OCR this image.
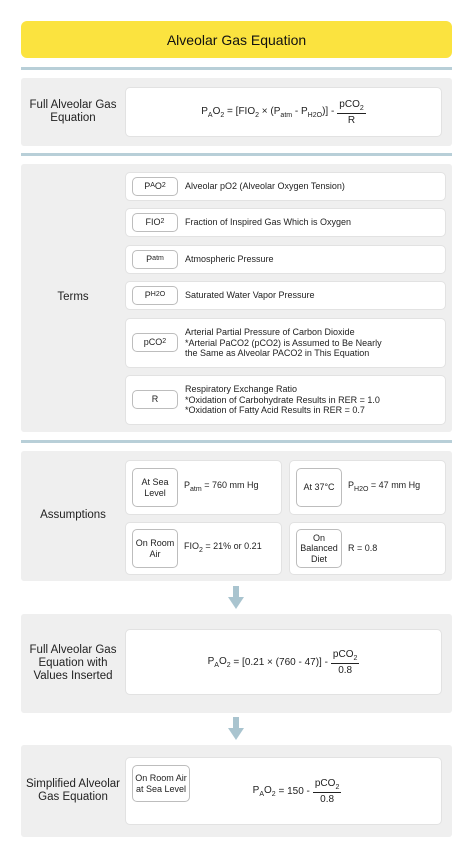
Alveolar Gas Equation
Full Alveolar Gas Equation
$P_AO_2 = [FIO_2 \times (P_{atm} - P_{H2O})] - \frac{pCO_2}{R}$
Terms
P A O 2 Alveolar pO2 (Alveolar Oxygen Tension)
FIO 2 Fraction of Inspired Gas Which is Oxygen
P atm Atmospheric Pressure
P H2O Saturated Water Vapor Pressure
pCO 2
Arterial Partial Pressure of Carbon Dioxide
*Arterial PaCO2 (pCO2) is Assumed to Be Nearly
the Same as Alveolar PACO2 in This Equation
R
Respiratory Exchange Ratio
*Oxidation of Carbohydrate Results in RER = 1.0
*Oxidation of Fatty Acid Results in RER = 0.7
Assumptions
At Sea Level
$P_{atm} = 760$ mm Hg	At 37°C	$P_{H2O} = 47$ mm Hg
On Room Air
$FIO_2 = 21\%$ or 0.21
On Balanced Diet
R = 0.8
Full Alveolar Gas Equation with Values Inserted
$P_AO_2 = [0.21 \times (760 - 47)] - \frac{pCO_2}{0.8}$
Simplified Alveolar Gas Equation
On Room Air at Sea Level	$P_AO_2 = 150 - \frac{pCO_2}{0.8}$
